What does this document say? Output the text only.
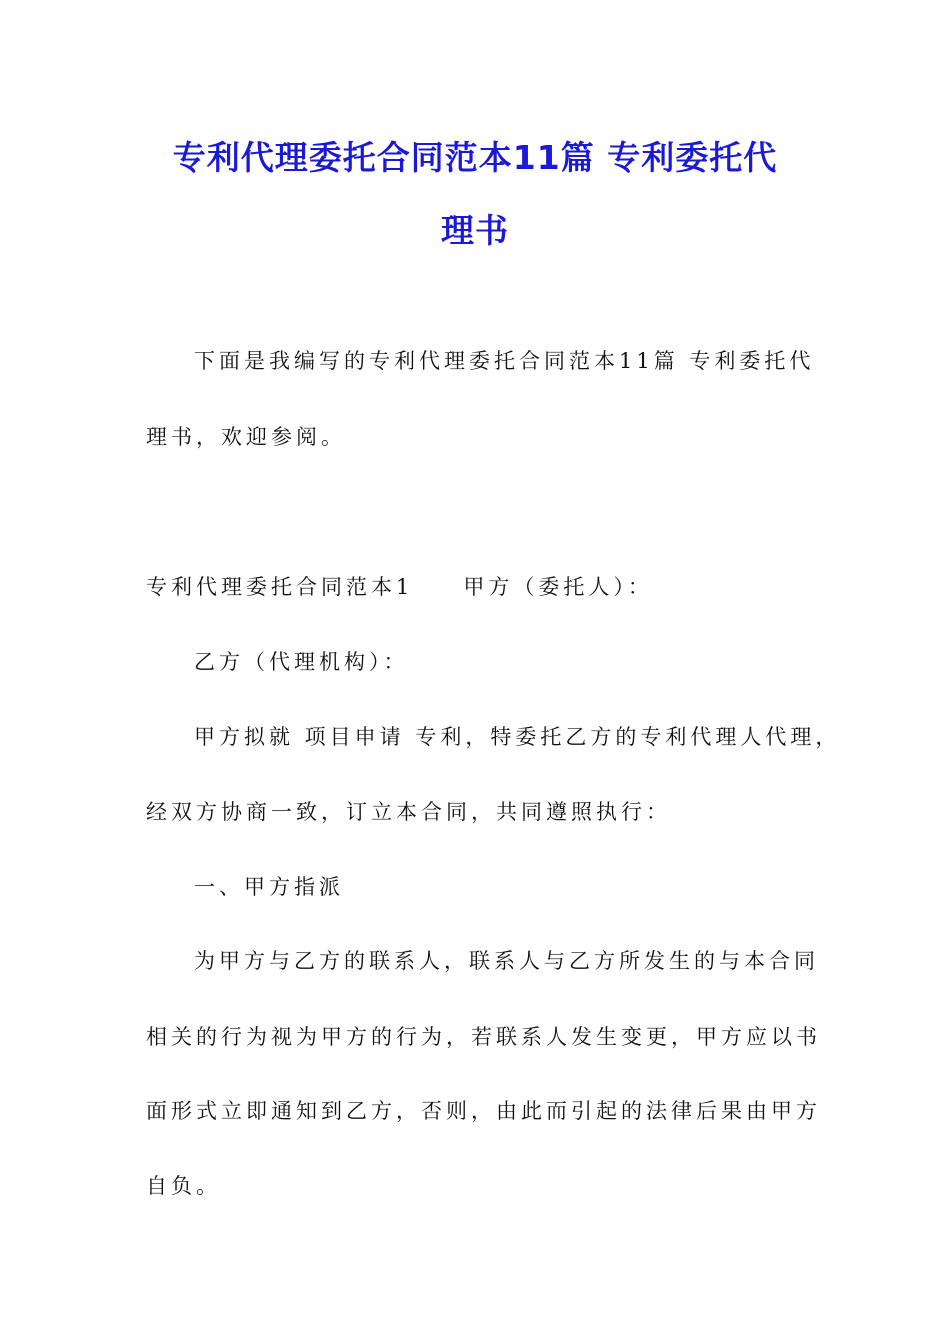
专利代理委托合同范本11篇 专利委托代
理书
下面是我编写的专利代理委托合同范本11篇 专利委托代
理书，欢迎参阅。
专利代理委托合同范本1　　甲方（委托人）：
乙方（代理机构）：
甲方拟就 项目申请 专利，特委托乙方的专利代理人代理，
经双方协商一致，订立本合同，共同遵照执行：
一、甲方指派
为甲方与乙方的联系人，联系人与乙方所发生的与本合同
相关的行为视为甲方的行为，若联系人发生变更，甲方应以书
面形式立即通知到乙方，否则，由此而引起的法律后果由甲方
自负。
